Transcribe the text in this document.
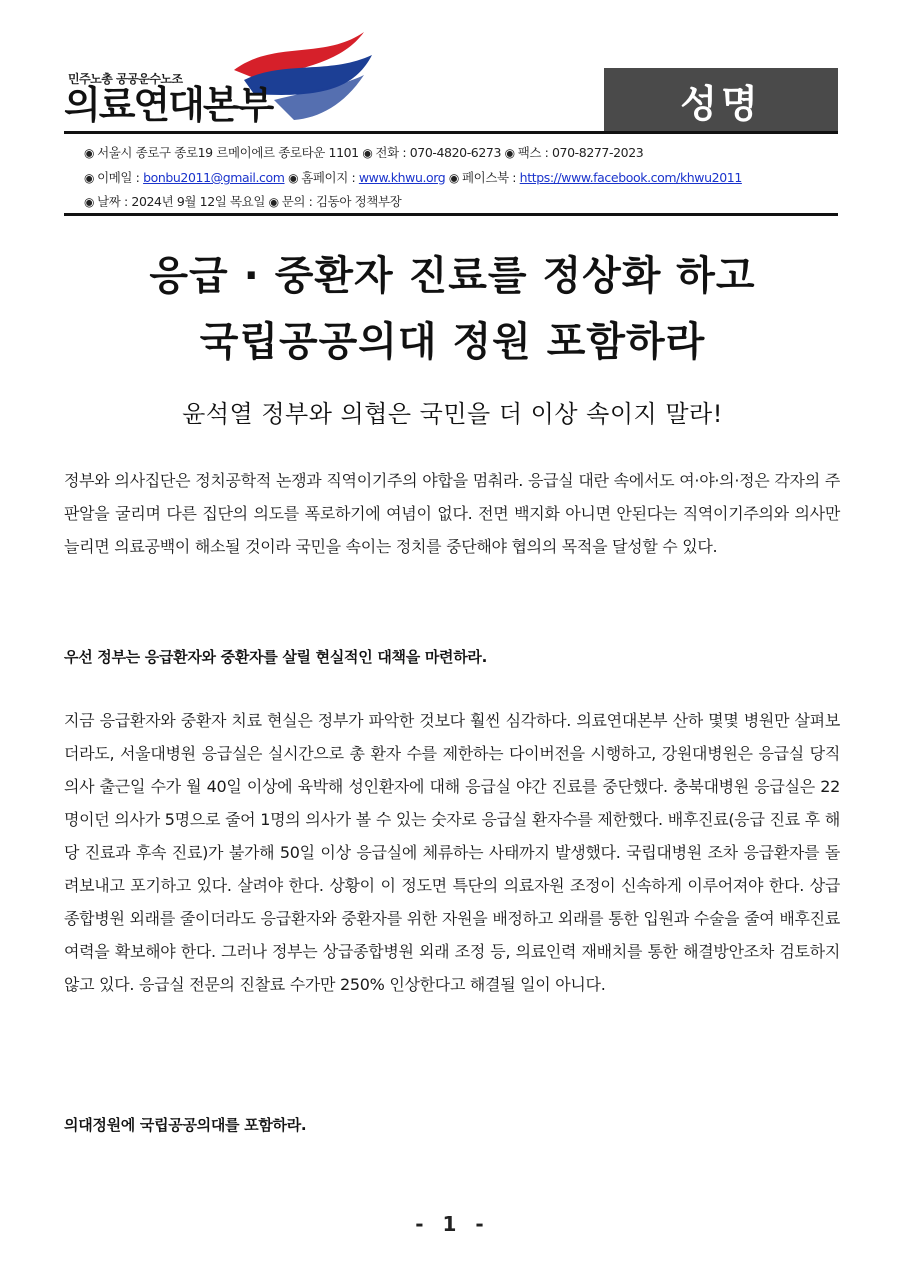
민주노총 공공운수노조
의료연대본부	성명
◉ 서울시 종로구 종로19 르메이에르 종로타운 1101 ◉ 전화 : 070-4820-6273 ◉ 팩스 : 070-8277-2023
◉ 이메일 : bonbu2011@gmail.com ◉ 홈페이지 : www.khwu.org ◉ 페이스북 : https://www.facebook.com/khwu2011
◉ 날짜 : 2024년 9월 12일 목요일 ◉ 문의 : 김동아 정책부장
응급 · 중환자 진료를 정상화 하고
국립공공의대 정원 포함하라
윤석열 정부와 의협은 국민을 더 이상 속이지 말라!

정부와 의사집단은 정치공학적 논쟁과 직역이기주의 야합을 멈춰라. 응급실 대란 속에서도 여·야·의·정은 각자의 주판알을 굴리며 다른 집단의 의도를 폭로하기에 여념이 없다. 전면 백지화 아니면 안된다는 직역이기주의와 의사만 늘리면 의료공백이 해소될 것이라 국민을 속이는 정치를 중단해야 협의의 목적을 달성할 수 있다.

우선 정부는 응급환자와 중환자를 살릴 현실적인 대책을 마련하라.

지금 응급환자와 중환자 치료 현실은 정부가 파악한 것보다 훨씬 심각하다. 의료연대본부 산하 몇몇 병원만 살펴보더라도, 서울대병원 응급실은 실시간으로 총 환자 수를 제한하는 다이버전을 시행하고, 강원대병원은 응급실 당직의사 출근일 수가 월 40일 이상에 육박해 성인환자에 대해 응급실 야간 진료를 중단했다. 충북대병원 응급실은 22명이던 의사가 5명으로 줄어 1명의 의사가 볼 수 있는 숫자로 응급실 환자수를 제한했다. 배후진료(응급 진료 후 해당 진료과 후속 진료)가 불가해 50일 이상 응급실에 체류하는 사태까지 발생했다. 국립대병원 조차 응급환자를 돌려보내고 포기하고 있다. 살려야 한다. 상황이 이 정도면 특단의 의료자원 조정이 신속하게 이루어져야 한다. 상급종합병원 외래를 줄이더라도 응급환자와 중환자를 위한 자원을 배정하고 외래를 통한 입원과 수술을 줄여 배후진료 여력을 확보해야 한다. 그러나 정부는 상급종합병원 외래 조정 등, 의료인력 재배치를 통한 해결방안조차 검토하지 않고 있다. 응급실 전문의 진찰료 수가만 250% 인상한다고 해결될 일이 아니다.

의대정원에 국립공공의대를 포함하라.

- 1 -
